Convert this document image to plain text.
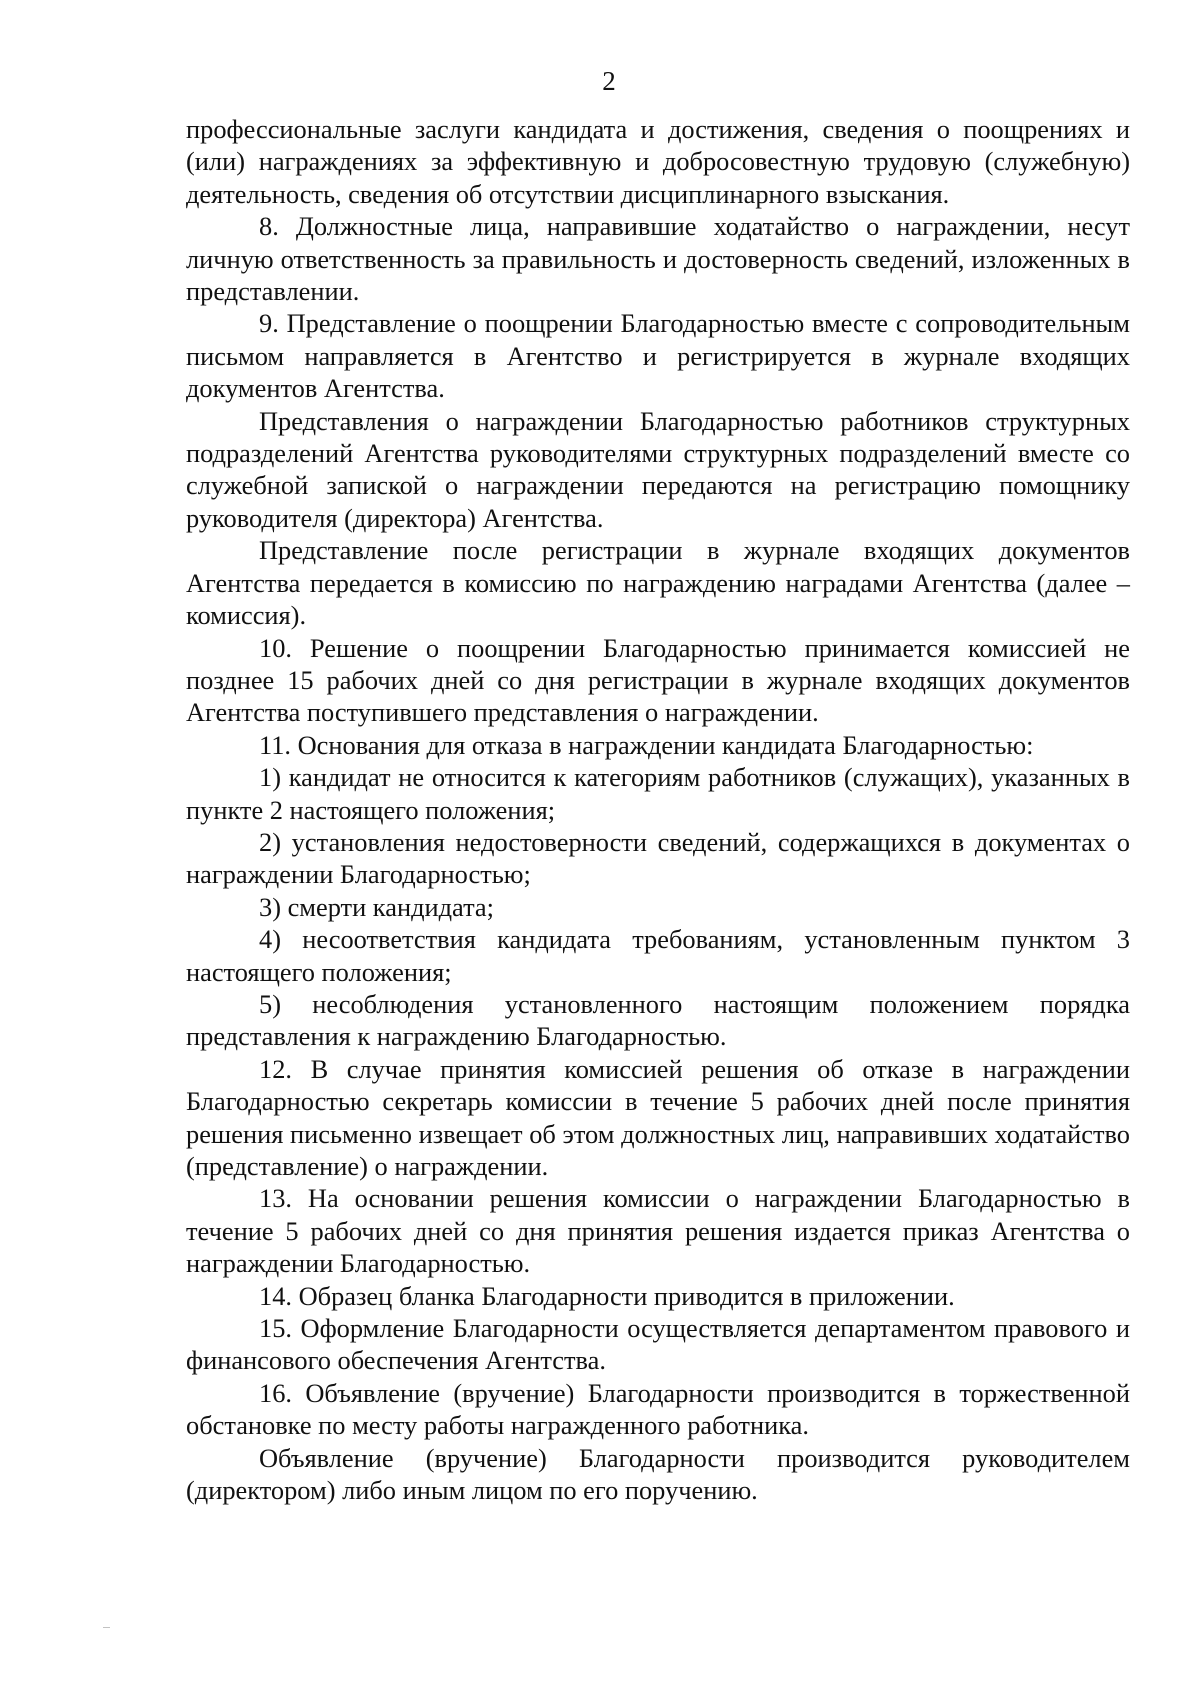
2

профессиональные заслуги кандидата и достижения, сведения о поощрениях и (или) награждениях за эффективную и добросовестную трудовую (служебную) деятельность, сведения об отсутствии дисциплинарного взыскания.

8. Должностные лица, направившие ходатайство о награждении, несут личную ответственность за правильность и достоверность сведений, изложенных в представлении.

9. Представление о поощрении Благодарностью вместе с сопроводительным письмом направляется в Агентство и регистрируется в журнале входящих документов Агентства.

Представления о награждении Благодарностью работников структурных подразделений Агентства руководителями структурных подразделений вместе со служебной запиской о награждении передаются на регистрацию помощнику руководителя (директора) Агентства.

Представление после регистрации в журнале входящих документов Агентства передается в комиссию по награждению наградами Агентства (далее – комиссия).

10. Решение о поощрении Благодарностью принимается комиссией не позднее 15 рабочих дней со дня регистрации в журнале входящих документов Агентства поступившего представления о награждении.

11. Основания для отказа в награждении кандидата Благодарностью:

1) кандидат не относится к категориям работников (служащих), указанных в пункте 2 настоящего положения;

2) установления недостоверности сведений, содержащихся в документах о награждении Благодарностью;

3) смерти кандидата;

4) несоответствия кандидата требованиям, установленным пунктом 3 настоящего положения;

5) несоблюдения установленного настоящим положением порядка представления к награждению Благодарностью.

12. В случае принятия комиссией решения об отказе в награждении Благодарностью секретарь комиссии в течение 5 рабочих дней после принятия решения письменно извещает об этом должностных лиц, направивших ходатайство (представление) о награждении.

13. На основании решения комиссии о награждении Благодарностью в течение 5 рабочих дней со дня принятия решения издается приказ Агентства о награждении Благодарностью.

14. Образец бланка Благодарности приводится в приложении.

15. Оформление Благодарности осуществляется департаментом правового и финансового обеспечения Агентства.

16. Объявление (вручение) Благодарности производится в торжественной обстановке по месту работы награжденного работника.

Объявление (вручение) Благодарности производится руководителем (директором) либо иным лицом по его поручению.
